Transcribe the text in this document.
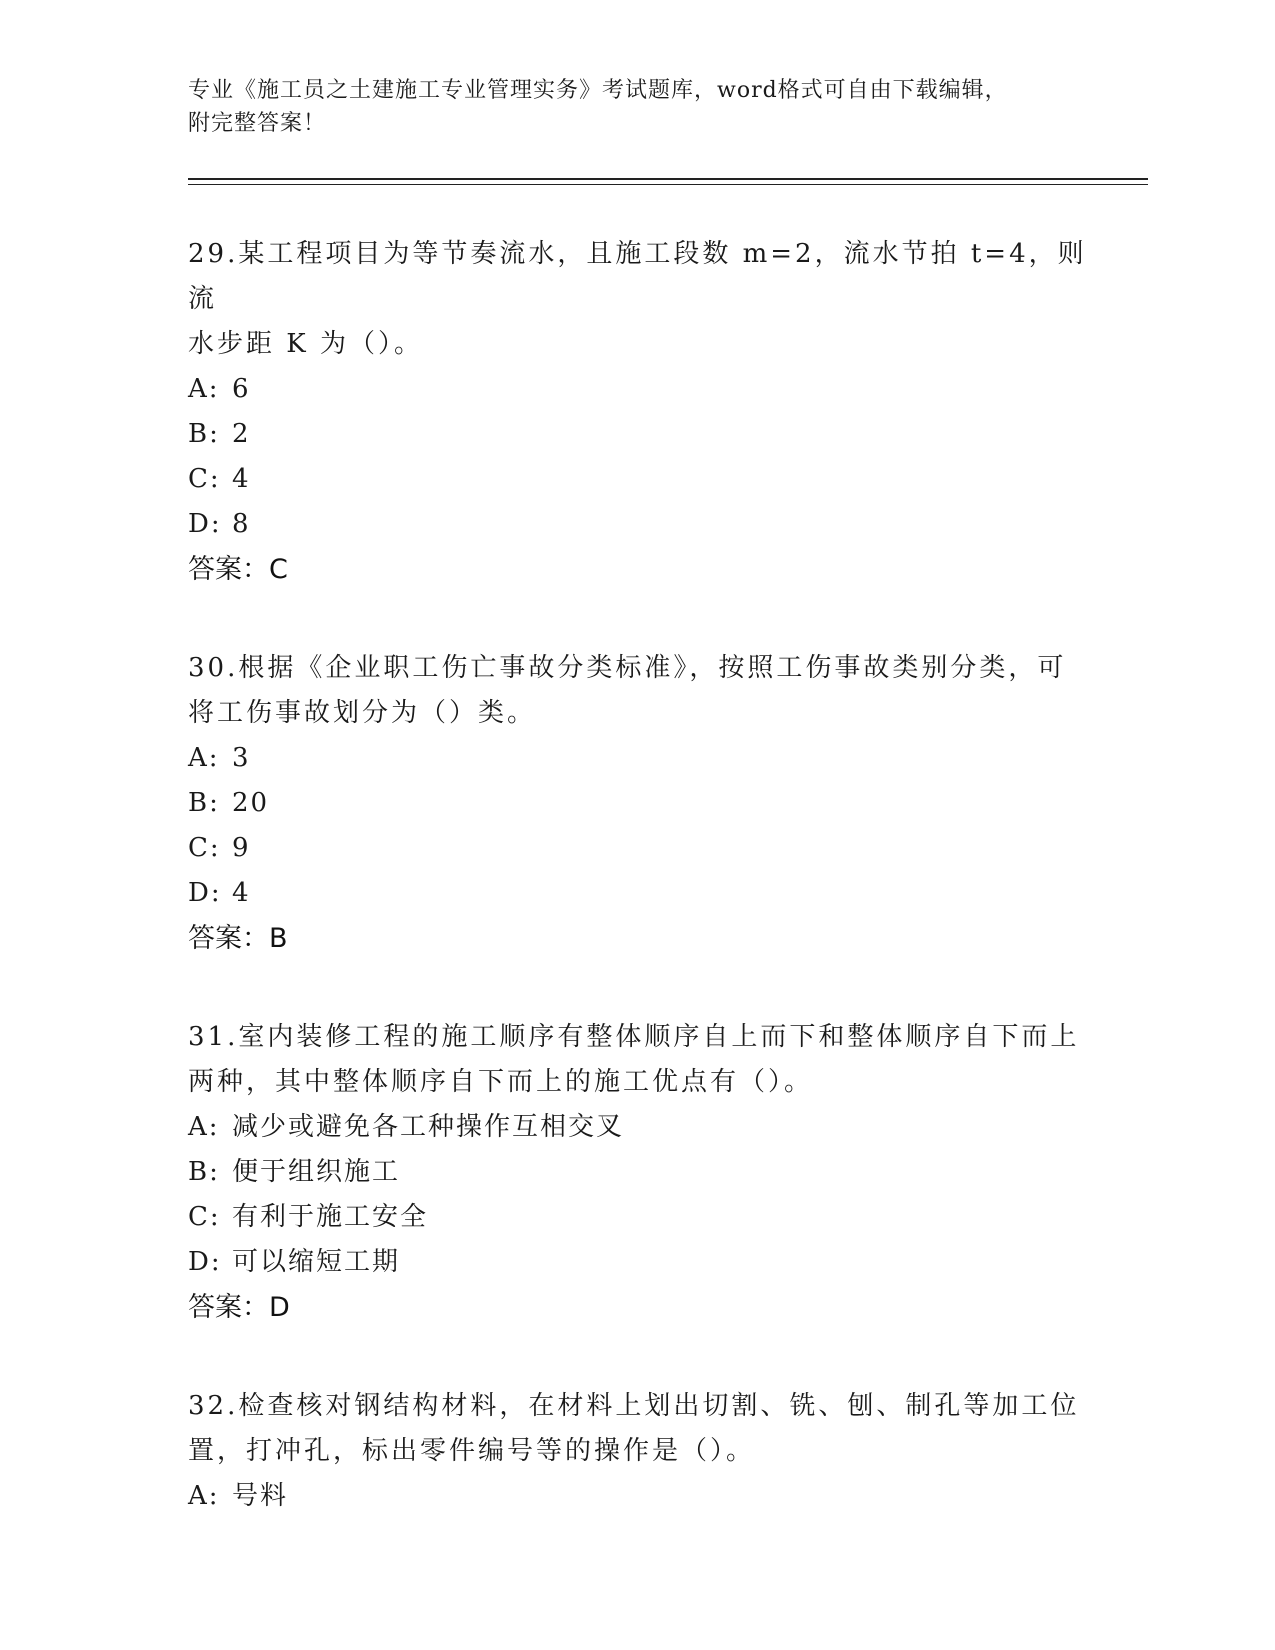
专业《施工员之土建施工专业管理实务》考试题库，word格式可自由下载编辑，
附完整答案！
29.某工程项目为等节奏流水，且施工段数 m=2，流水节拍 t=4，则流
水步距 K 为（）。
A: 6
B: 2
C: 4
D: 8
答案：C
30.根据《企业职工伤亡事故分类标准》，按照工伤事故类别分类，可
将工伤事故划分为（）类。
A: 3
B: 20
C: 9
D: 4
答案：B
31.室内装修工程的施工顺序有整体顺序自上而下和整体顺序自下而上
两种，其中整体顺序自下而上的施工优点有（）。
A: 减少或避免各工种操作互相交叉
B: 便于组织施工
C: 有利于施工安全
D: 可以缩短工期
答案：D
32.检查核对钢结构材料，在材料上划出切割、铣、刨、制孔等加工位
置，打冲孔，标出零件编号等的操作是（）。
A: 号料
